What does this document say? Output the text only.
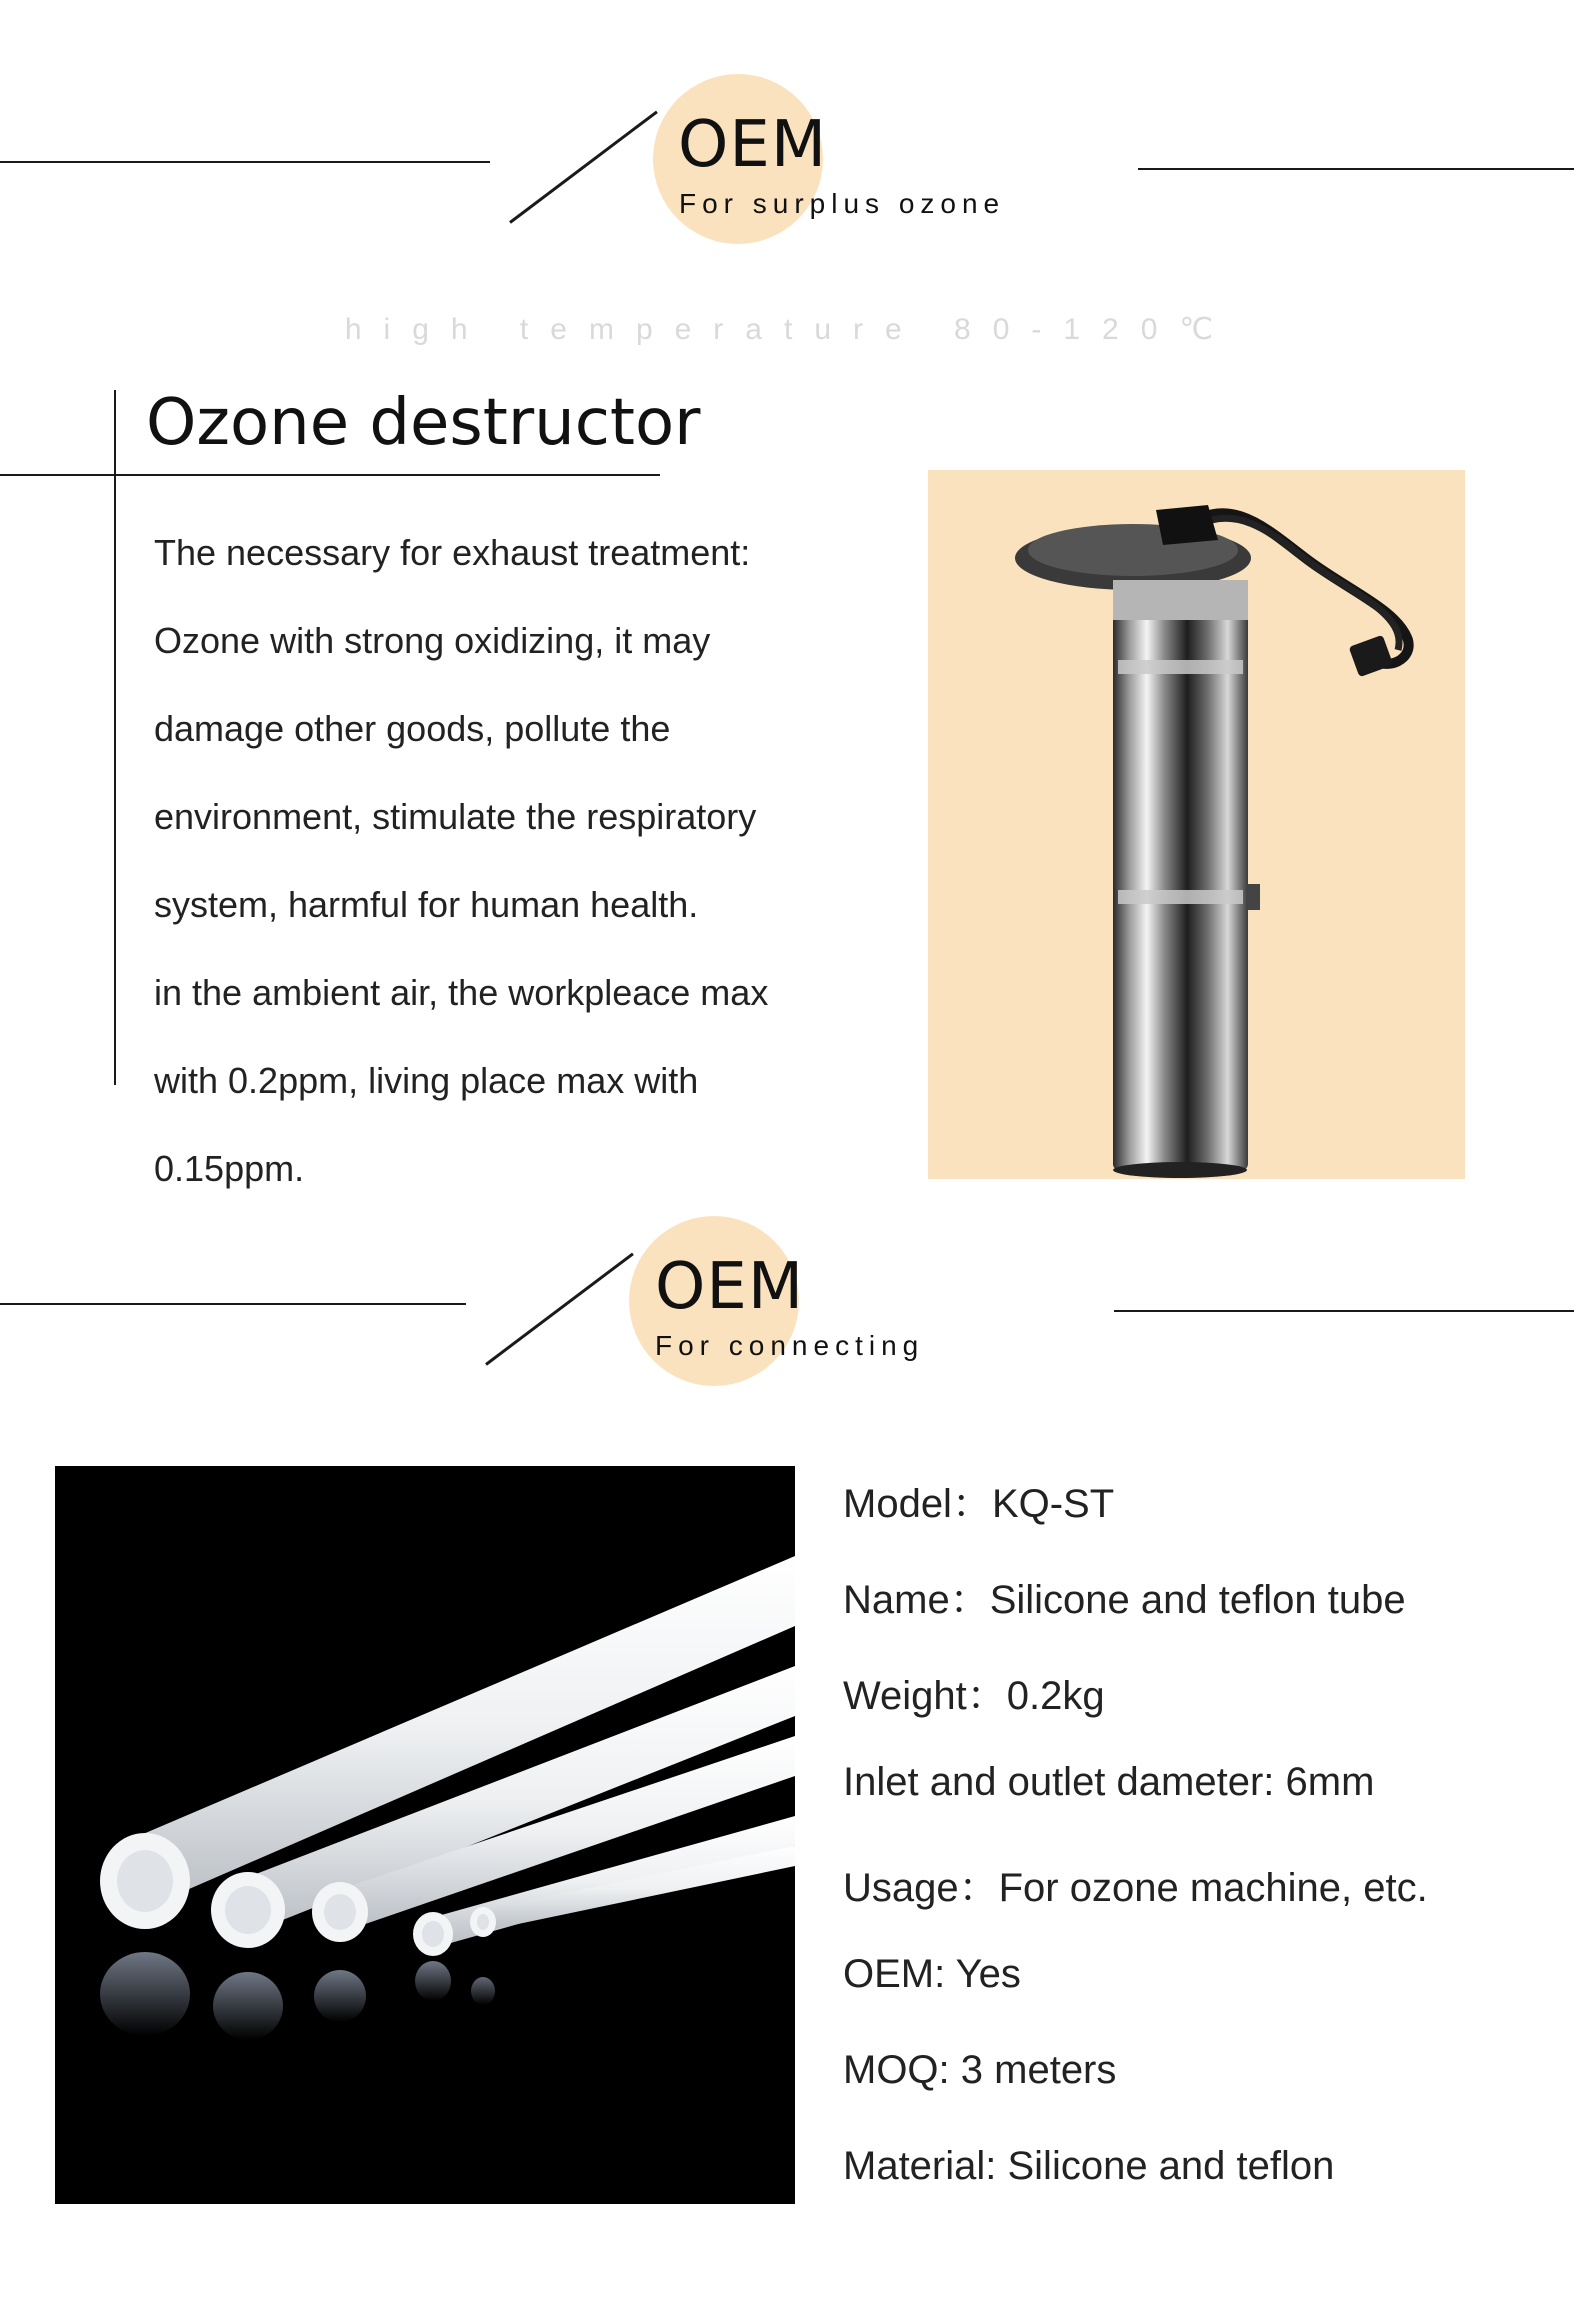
OEM
For surplus ozone
high temperature 80-120℃
Ozone destructor
The necessary for exhaust treatment:
Ozone with strong oxidizing, it may
damage other goods, pollute the
environment, stimulate the respiratory
system, harmful for human health.
in the ambient air, the workpleace max
with 0.2ppm, living place max with
0.15ppm.
OEM
For connecting
Model：KQ-ST
Name：Silicone and teflon tube
Weight：0.2kg
Inlet and outlet dameter: 6mm
Usage：For ozone machine, etc.
OEM: Yes
MOQ: 3 meters
Material: Silicone and teflon
